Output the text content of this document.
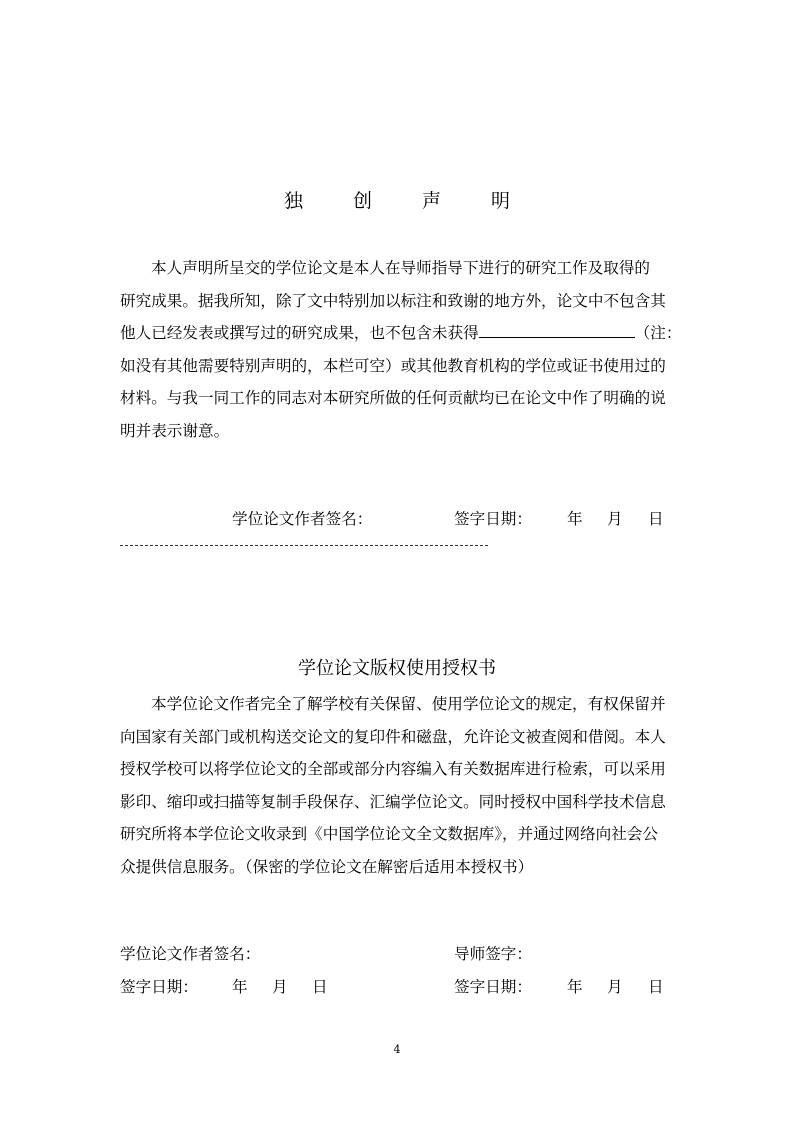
独 创 声 明

本人声明所呈交的学位论文是本人在导师指导下进行的研究工作及取得的

研究成果。据我所知，除了文中特别加以标注和致谢的地方外，论文中不包含其

他人已经发表或撰写过的研究成果，也不包含未获得	（注：

如没有其他需要特别声明的，本栏可空）或其他教育机构的学位或证书使用过的

材料。与我一同工作的同志对本研究所做的任何贡献均已在论文中作了明确的说

明并表示谢意。

学位论文作者签名：	签字日期： 年 月 日
学位论文版权使用授权书

本学位论文作者完全了解学校有关保留、使用学位论文的规定，有权保留并

向国家有关部门或机构送交论文的复印件和磁盘，允许论文被查阅和借阅。本人

授权学校可以将学位论文的全部或部分内容编入有关数据库进行检索，可以采用

影印、缩印或扫描等复制手段保存、汇编学位论文。同时授权中国科学技术信息

研究所将本学位论文收录到《中国学位论文全文数据库》，并通过网络向社会公

众提供信息服务。（保密的学位论文在解密后适用本授权书）

学位论文作者签名：	导师签字：
签字日期： 年 月 日	签字日期： 年 月 日
4
